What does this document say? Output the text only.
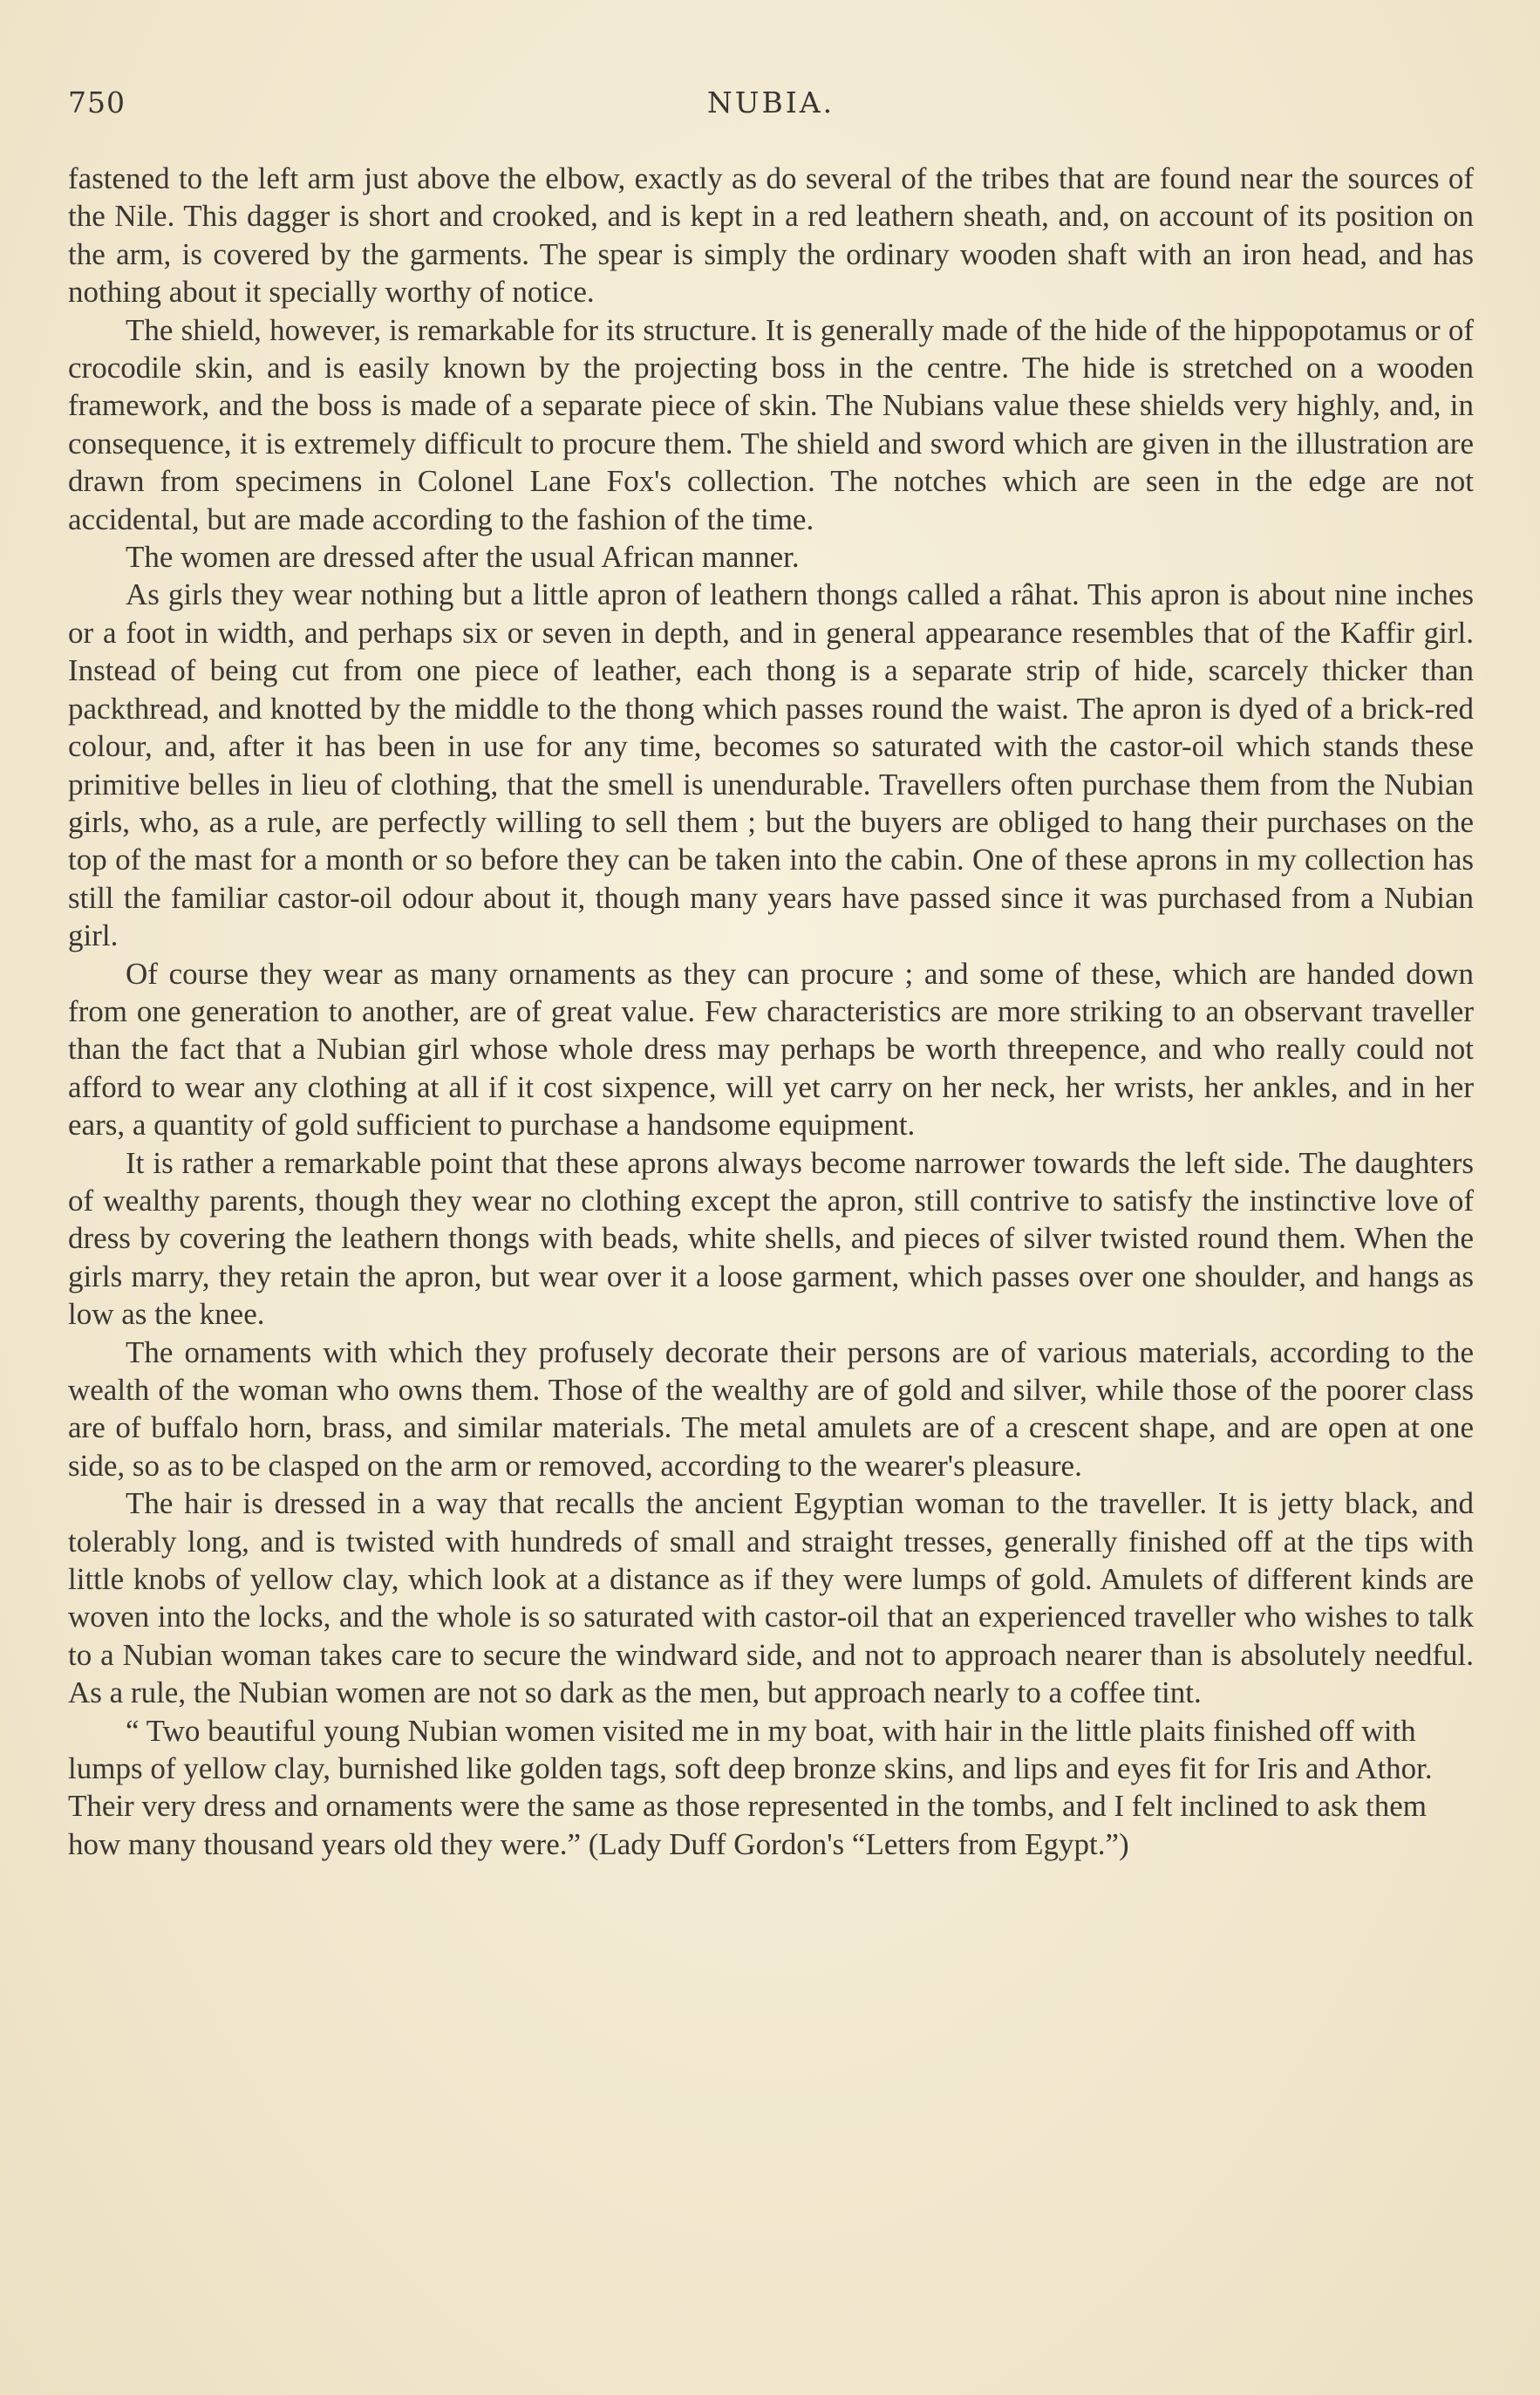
750	NUBIA.

fastened to the left arm just above the elbow, exactly as do several of the tribes that are found near the sources of the Nile. This dagger is short and crooked, and is kept in a red leathern sheath, and, on account of its position on the arm, is covered by the garments. The spear is simply the ordinary wooden shaft with an iron head, and has nothing about it specially worthy of notice.

The shield, however, is remarkable for its structure. It is generally made of the hide of the hippopotamus or of crocodile skin, and is easily known by the projecting boss in the centre. The hide is stretched on a wooden framework, and the boss is made of a separate piece of skin. The Nubians value these shields very highly, and, in consequence, it is extremely difficult to procure them. The shield and sword which are given in the illustration are drawn from specimens in Colonel Lane Fox's collection. The notches which are seen in the edge are not accidental, but are made according to the fashion of the time.

The women are dressed after the usual African manner.

As girls they wear nothing but a little apron of leathern thongs called a râhat. This apron is about nine inches or a foot in width, and perhaps six or seven in depth, and in general appearance resembles that of the Kaffir girl. Instead of being cut from one piece of leather, each thong is a separate strip of hide, scarcely thicker than packthread, and knotted by the middle to the thong which passes round the waist. The apron is dyed of a brick-red colour, and, after it has been in use for any time, becomes so saturated with the castor-oil which stands these primitive belles in lieu of clothing, that the smell is unendurable. Travellers often purchase them from the Nubian girls, who, as a rule, are perfectly willing to sell them ; but the buyers are obliged to hang their purchases on the top of the mast for a month or so before they can be taken into the cabin. One of these aprons in my collection has still the familiar castor-oil odour about it, though many years have passed since it was purchased from a Nubian girl.

Of course they wear as many ornaments as they can procure ; and some of these, which are handed down from one generation to another, are of great value. Few characteristics are more striking to an observant traveller than the fact that a Nubian girl whose whole dress may perhaps be worth threepence, and who really could not afford to wear any clothing at all if it cost sixpence, will yet carry on her neck, her wrists, her ankles, and in her ears, a quantity of gold sufficient to purchase a handsome equipment.

It is rather a remarkable point that these aprons always become narrower towards the left side. The daughters of wealthy parents, though they wear no clothing except the apron, still contrive to satisfy the instinctive love of dress by covering the leathern thongs with beads, white shells, and pieces of silver twisted round them. When the girls marry, they retain the apron, but wear over it a loose garment, which passes over one shoulder, and hangs as low as the knee.

The ornaments with which they profusely decorate their persons are of various materials, according to the wealth of the woman who owns them. Those of the wealthy are of gold and silver, while those of the poorer class are of buffalo horn, brass, and similar materials. The metal amulets are of a crescent shape, and are open at one side, so as to be clasped on the arm or removed, according to the wearer's pleasure.

The hair is dressed in a way that recalls the ancient Egyptian woman to the traveller. It is jetty black, and tolerably long, and is twisted with hundreds of small and straight tresses, generally finished off at the tips with little knobs of yellow clay, which look at a distance as if they were lumps of gold. Amulets of different kinds are woven into the locks, and the whole is so saturated with castor-oil that an experienced traveller who wishes to talk to a Nubian woman takes care to secure the windward side, and not to approach nearer than is absolutely needful. As a rule, the Nubian women are not so dark as the men, but approach nearly to a coffee tint.

“ Two beautiful young Nubian women visited me in my boat, with hair in the little plaits finished off with lumps of yellow clay, burnished like golden tags, soft deep bronze skins, and lips and eyes fit for Iris and Athor. Their very dress and ornaments were the same as those represented in the tombs, and I felt inclined to ask them how many thousand years old they were.” (Lady Duff Gordon's “Letters from Egypt.”)
